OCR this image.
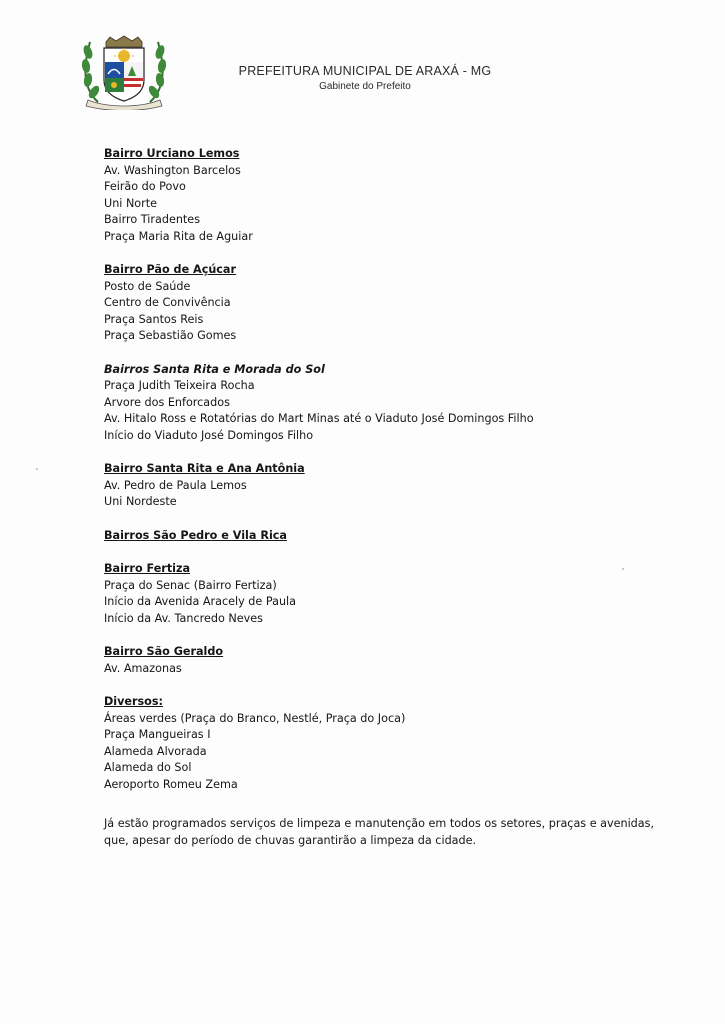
PREFEITURA MUNICIPAL DE ARAXÁ - MG

Gabinete do Prefeito

Bairro Urciano Lemos

Av. Washington Barcelos

Feirão do Povo

Uni Norte

Bairro Tiradentes

Praça Maria Rita de Aguiar

Bairro Pão de Açúcar

Posto de Saúde

Centro de Convivência

Praça Santos Reis

Praça Sebastião Gomes

Bairros Santa Rita e Morada do Sol

Praça Judith Teixeira Rocha

Arvore dos Enforcados

Av. Hitalo Ross e Rotatórias do Mart Minas até o Viaduto José Domingos Filho

Início do Viaduto José Domingos Filho

Bairro Santa Rita e Ana Antônia

Av. Pedro de Paula Lemos

Uni Nordeste

Bairros São Pedro e Vila Rica

Bairro Fertiza

Praça do Senac (Bairro Fertiza)

Início da Avenida Aracely de Paula

Início da Av. Tancredo Neves

Bairro São Geraldo

Av. Amazonas

Diversos:

Áreas verdes (Praça do Branco, Nestlé, Praça do Joca)

Praça Mangueiras I

Alameda Alvorada

Alameda do Sol

Aeroporto Romeu Zema

Já estão programados serviços de limpeza e manutenção em todos os setores, praças e avenidas,

que, apesar do período de chuvas garantirão a limpeza da cidade.
